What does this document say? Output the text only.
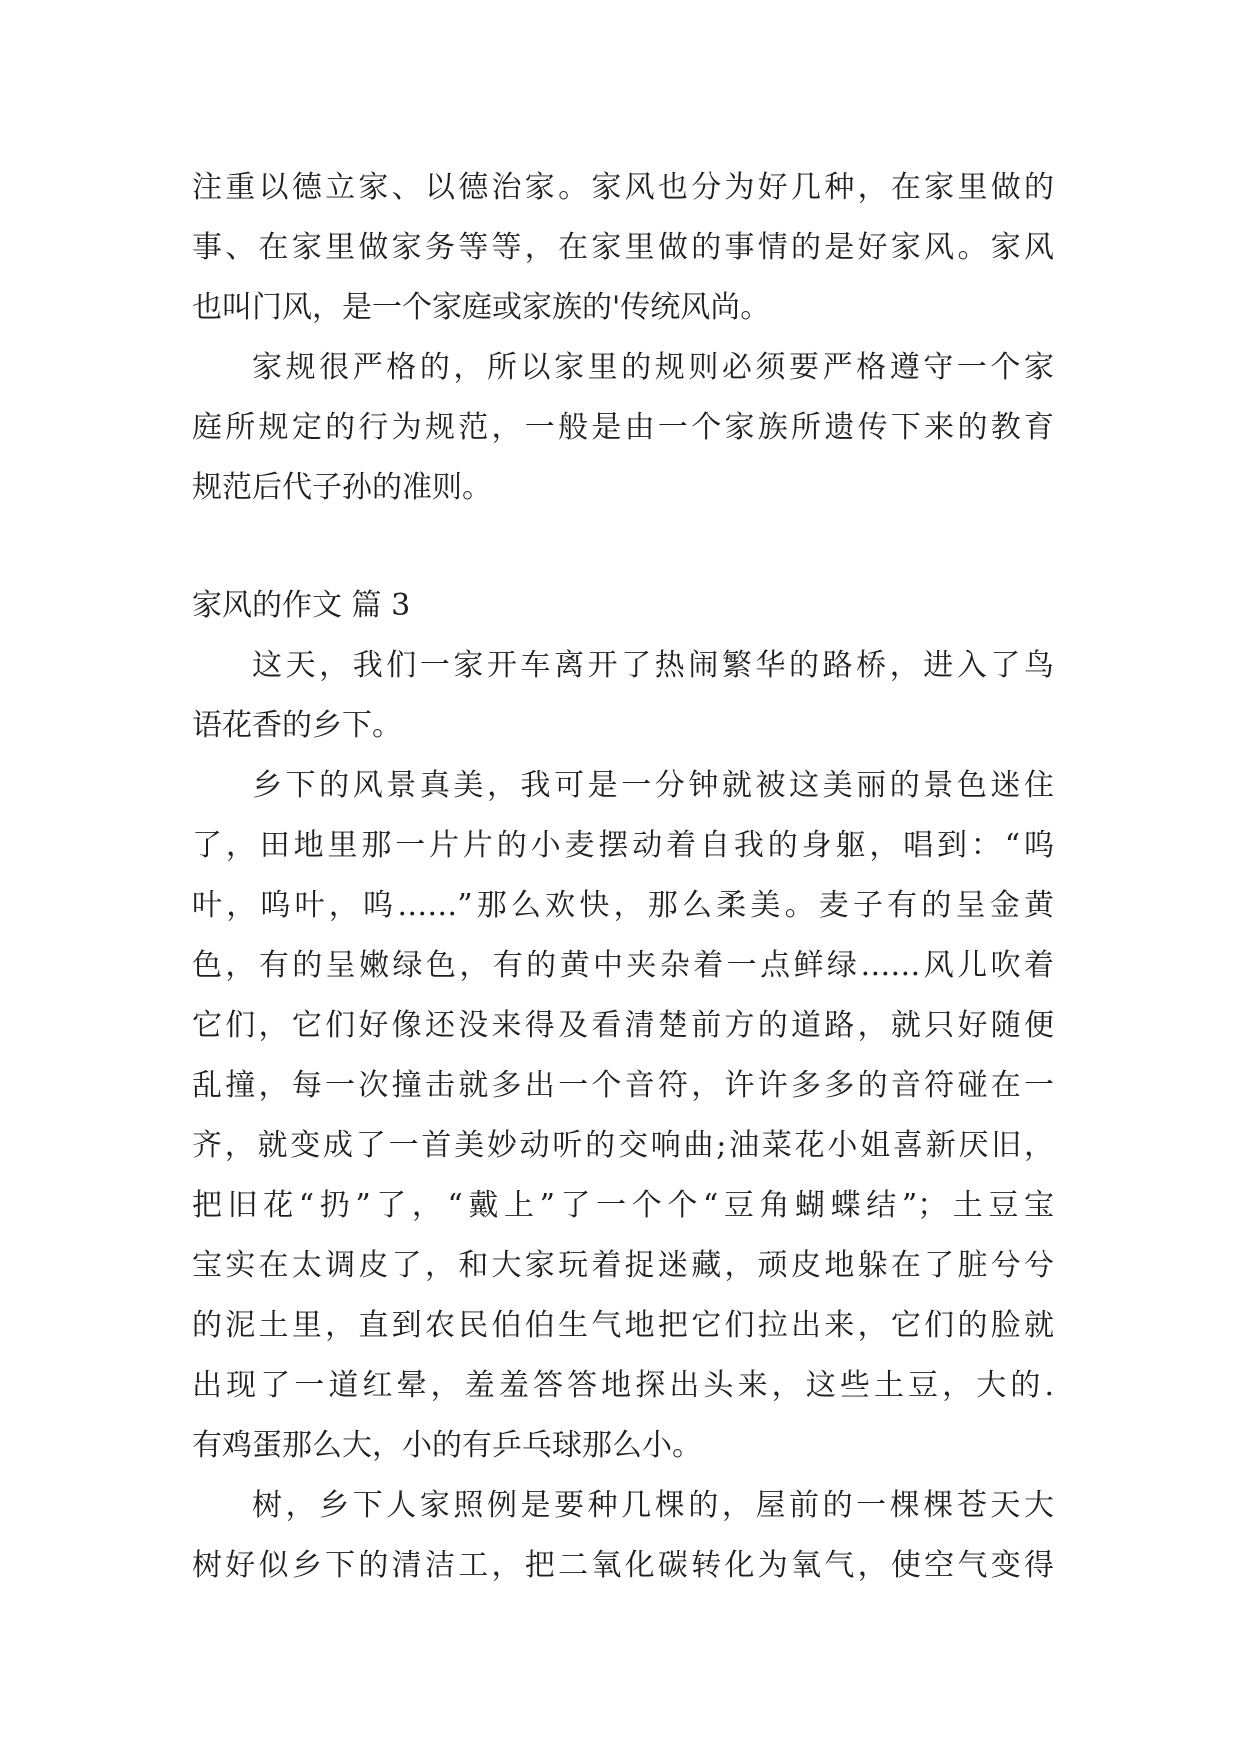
注重以德立家、以德治家。家风也分为好几种，在家里做的
事、在家里做家务等等，在家里做的事情的是好家风。家风
也叫门风，是一个家庭或家族的'传统风尚。
家规很严格的，所以家里的规则必须要严格遵守一个家
庭所规定的行为规范，一般是由一个家族所遗传下来的教育
规范后代子孙的准则。
家风的作文 篇 3
这天，我们一家开车离开了热闹繁华的路桥，进入了鸟
语花香的乡下。
乡下的风景真美，我可是一分钟就被这美丽的景色迷住
了，田地里那一片片的小麦摆动着自我的身躯，唱到：“呜
叶，呜叶，呜……”那么欢快，那么柔美。麦子有的呈金黄
色，有的呈嫩绿色，有的黄中夹杂着一点鲜绿……风儿吹着
它们，它们好像还没来得及看清楚前方的道路，就只好随便
乱撞，每一次撞击就多出一个音符，许许多多的音符碰在一
齐，就变成了一首美妙动听的交响曲;油菜花小姐喜新厌旧，
把旧花“扔”了，“戴上”了一个个“豆角蝴蝶结”；土豆宝
宝实在太调皮了，和大家玩着捉迷藏，顽皮地躲在了脏兮兮
的泥土里，直到农民伯伯生气地把它们拉出来，它们的脸就
出现了一道红晕，羞羞答答地探出头来，这些土豆，大的.
有鸡蛋那么大，小的有乒乓球那么小。
树，乡下人家照例是要种几棵的，屋前的一棵棵苍天大
树好似乡下的清洁工，把二氧化碳转化为氧气，使空气变得
